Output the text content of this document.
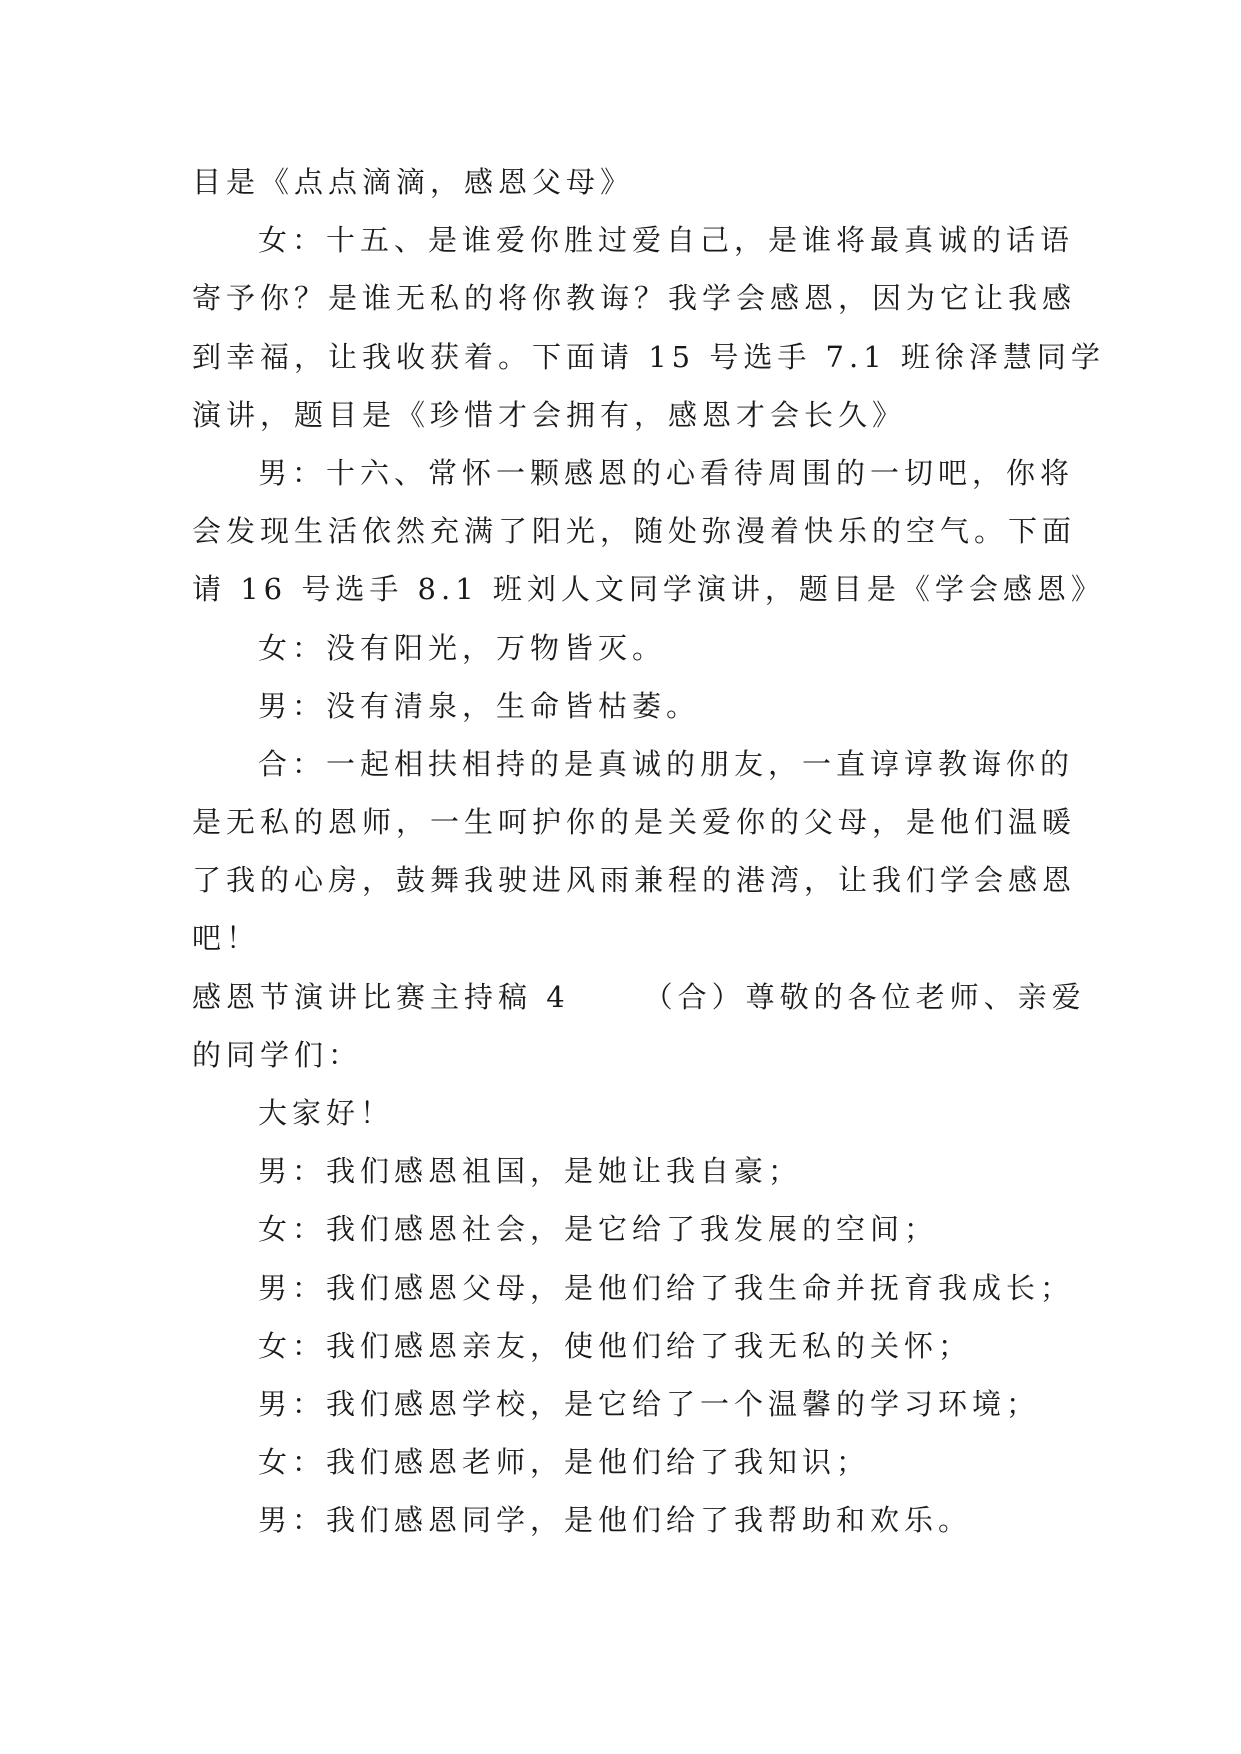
目是《点点滴滴，感恩父母》
女：十五、是谁爱你胜过爱自己，是谁将最真诚的话语
寄予你？是谁无私的将你教诲？我学会感恩，因为它让我感
到幸福，让我收获着。下面请 15 号选手 7.1 班徐泽慧同学
演讲，题目是《珍惜才会拥有，感恩才会长久》
男：十六、常怀一颗感恩的心看待周围的一切吧，你将
会发现生活依然充满了阳光，随处弥漫着快乐的空气。下面
请 16 号选手 8.1 班刘人文同学演讲，题目是《学会感恩》
女：没有阳光，万物皆灭。
男：没有清泉，生命皆枯萎。
合：一起相扶相持的是真诚的朋友，一直谆谆教诲你的
是无私的恩师，一生呵护你的是关爱你的父母，是他们温暖
了我的心房，鼓舞我驶进风雨兼程的港湾，让我们学会感恩
吧！
感恩节演讲比赛主持稿 4	（合）尊敬的各位老师、亲爱
的同学们：
大家好！
男：我们感恩祖国，是她让我自豪；
女：我们感恩社会，是它给了我发展的空间；
男：我们感恩父母，是他们给了我生命并抚育我成长；
女：我们感恩亲友，使他们给了我无私的关怀；
男：我们感恩学校，是它给了一个温馨的学习环境；
女：我们感恩老师，是他们给了我知识；
男：我们感恩同学，是他们给了我帮助和欢乐。
